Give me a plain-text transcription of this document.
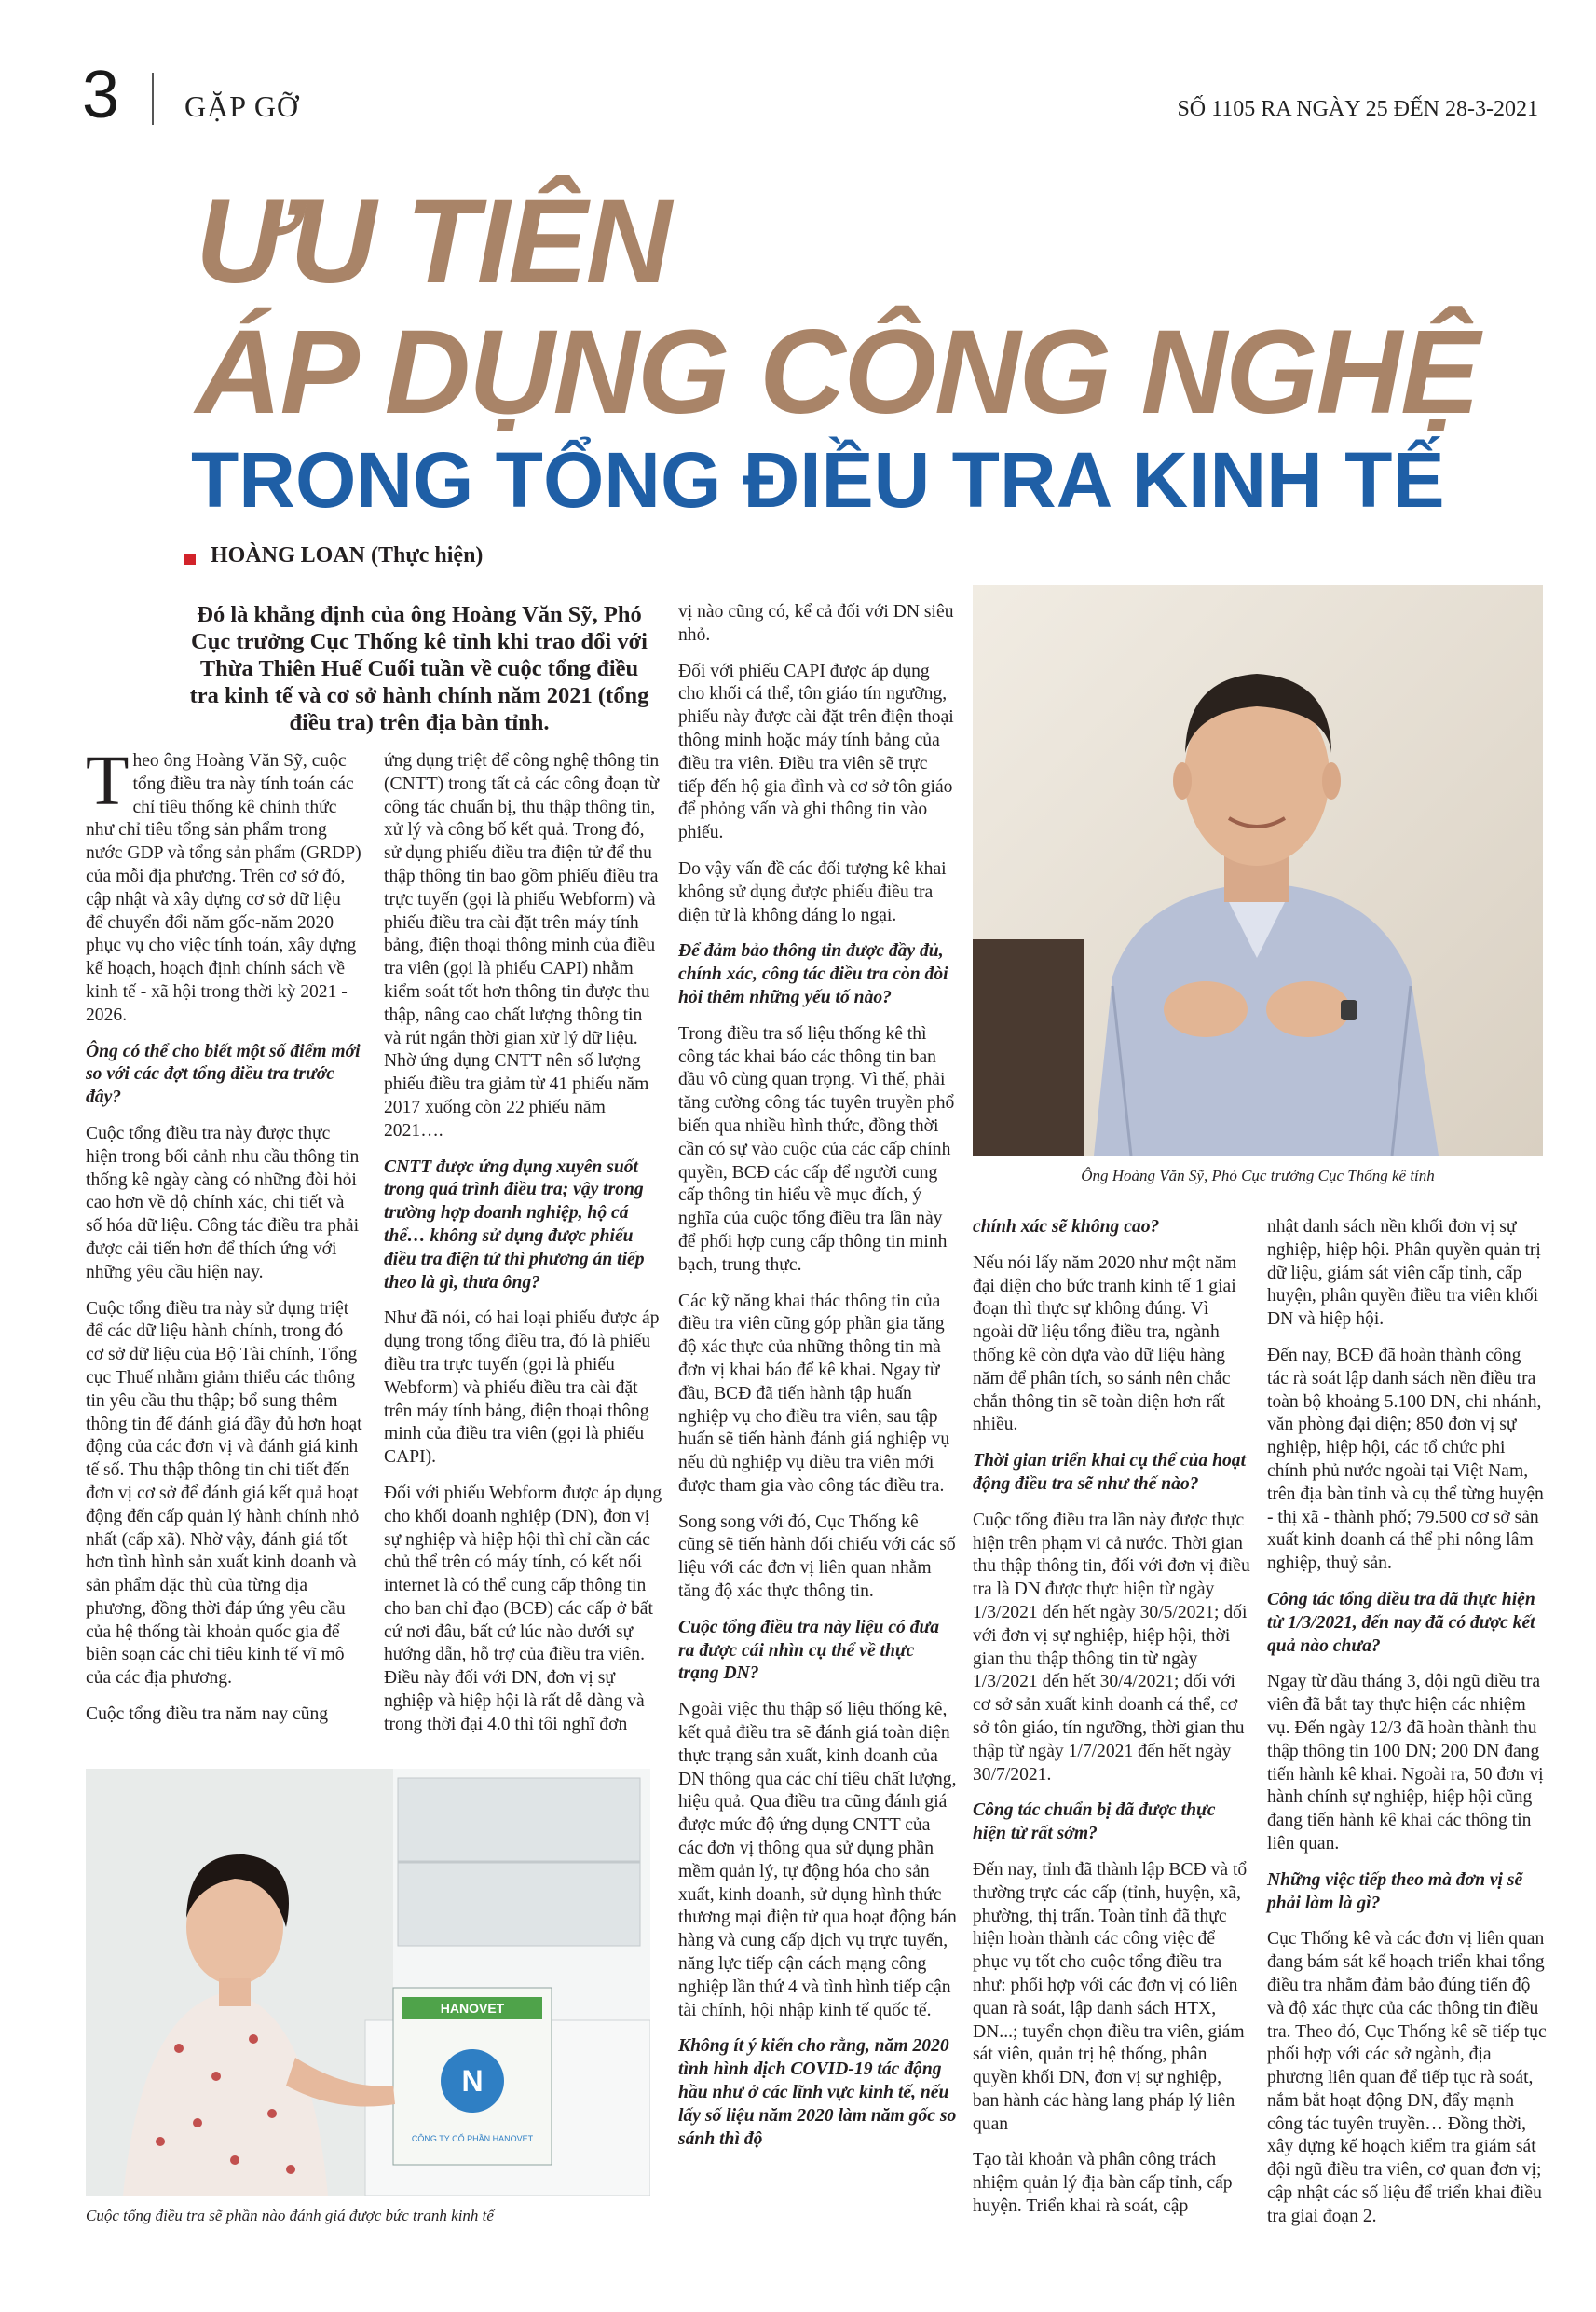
3 GẶP GỠ	SỐ 1105 RA NGÀY 25 ĐẾN 28-3-2021
ƯU TIÊN
ÁP DỤNG CÔNG NGHỆ
TRONG TỔNG ĐIỀU TRA KINH TẾ
HOÀNG LOAN (Thực hiện)
Đó là khẳng định của ông Hoàng Văn Sỹ, Phó Cục trưởng Cục Thống kê tỉnh khi trao đổi với Thừa Thiên Huế Cuối tuần về cuộc tổng điều tra kinh tế và cơ sở hành chính năm 2021 (tổng điều tra) trên địa bàn tỉnh.

Theo ông Hoàng Văn Sỹ, cuộc tổng điều tra này tính toán các chỉ tiêu thống kê chính thức như chỉ tiêu tổng sản phẩm trong nước GDP và tổng sản phẩm (GRDP) của mỗi địa phương. Trên cơ sở đó, cập nhật và xây dựng cơ sở dữ liệu để chuyển đổi năm gốc-năm 2020 phục vụ cho việc tính toán, xây dựng kế hoạch, hoạch định chính sách về kinh tế - xã hội trong thời kỳ 2021 - 2026.

Ông có thể cho biết một số điểm mới so với các đợt tổng điều tra trước đây?

Cuộc tổng điều tra này được thực hiện trong bối cảnh nhu cầu thông tin thống kê ngày càng có những đòi hỏi cao hơn về độ chính xác, chi tiết và số hóa dữ liệu. Công tác điều tra phải được cải tiến hơn để thích ứng với những yêu cầu hiện nay.

Cuộc tổng điều tra này sử dụng triệt để các dữ liệu hành chính, trong đó cơ sở dữ liệu của Bộ Tài chính, Tổng cục Thuế nhằm giảm thiểu các thông tin yêu cầu thu thập; bổ sung thêm thông tin để đánh giá đầy đủ hơn hoạt động của các đơn vị và đánh giá kinh tế số. Thu thập thông tin chi tiết đến đơn vị cơ sở để đánh giá kết quả hoạt động đến cấp quản lý hành chính nhỏ nhất (cấp xã). Nhờ vậy, đánh giá tốt hơn tình hình sản xuất kinh doanh và sản phẩm đặc thù của từng địa phương, đồng thời đáp ứng yêu cầu của hệ thống tài khoản quốc gia để biên soạn các chỉ tiêu kinh tế vĩ mô của các địa phương.

Cuộc tổng điều tra năm nay cũng

ứng dụng triệt để công nghệ thông tin (CNTT) trong tất cả các công đoạn từ công tác chuẩn bị, thu thập thông tin, xử lý và công bố kết quả. Trong đó, sử dụng phiếu điều tra điện tử để thu thập thông tin bao gồm phiếu điều tra trực tuyến (gọi là phiếu Webform) và phiếu điều tra cài đặt trên máy tính bảng, điện thoại thông minh của điều tra viên (gọi là phiếu CAPI) nhằm kiểm soát tốt hơn thông tin được thu thập, nâng cao chất lượng thông tin và rút ngắn thời gian xử lý dữ liệu. Nhờ ứng dụng CNTT nên số lượng phiếu điều tra giảm từ 41 phiếu năm 2017 xuống còn 22 phiếu năm 2021….

CNTT được ứng dụng xuyên suốt trong quá trình điều tra; vậy trong trường hợp doanh nghiệp, hộ cá thể… không sử dụng được phiếu điều tra điện tử thì phương án tiếp theo là gì, thưa ông?

Như đã nói, có hai loại phiếu được áp dụng trong tổng điều tra, đó là phiếu điều tra trực tuyến (gọi là phiếu Webform) và phiếu điều tra cài đặt trên máy tính bảng, điện thoại thông minh của điều tra viên (gọi là phiếu CAPI).

Đối với phiếu Webform được áp dụng cho khối doanh nghiệp (DN), đơn vị sự nghiệp và hiệp hội thì chỉ cần các chủ thể trên có máy tính, có kết nối internet là có thể cung cấp thông tin cho ban chỉ đạo (BCĐ) các cấp ở bất cứ nơi đâu, bất cứ lúc nào dưới sự hướng dẫn, hỗ trợ của điều tra viên. Điều này đối với DN, đơn vị sự nghiệp và hiệp hội là rất dễ dàng và trong thời đại 4.0 thì tôi nghĩ đơn

vị nào cũng có, kể cả đối với DN siêu nhỏ.

Đối với phiếu CAPI được áp dụng cho khối cá thể, tôn giáo tín ngưỡng, phiếu này được cài đặt trên điện thoại thông minh hoặc máy tính bảng của điều tra viên. Điều tra viên sẽ trực tiếp đến hộ gia đình và cơ sở tôn giáo để phỏng vấn và ghi thông tin vào phiếu.

Do vậy vấn đề các đối tượng kê khai không sử dụng được phiếu điều tra điện tử là không đáng lo ngại.

Để đảm bảo thông tin được đầy đủ, chính xác, công tác điều tra còn đòi hỏi thêm những yếu tố nào?

Trong điều tra số liệu thống kê thì công tác khai báo các thông tin ban đầu vô cùng quan trọng. Vì thế, phải tăng cường công tác tuyên truyền phổ biến qua nhiều hình thức, đồng thời cần có sự vào cuộc của các cấp chính quyền, BCĐ các cấp để người cung cấp thông tin hiểu về mục đích, ý nghĩa của cuộc tổng điều tra lần này để phối hợp cung cấp thông tin minh bạch, trung thực.

Các kỹ năng khai thác thông tin của điều tra viên cũng góp phần gia tăng độ xác thực của những thông tin mà đơn vị khai báo để kê khai. Ngay từ đầu, BCĐ đã tiến hành tập huấn nghiệp vụ cho điều tra viên, sau tập huấn sẽ tiến hành đánh giá nghiệp vụ nếu đủ nghiệp vụ điều tra viên mới được tham gia vào công tác điều tra.

Song song với đó, Cục Thống kê cũng sẽ tiến hành đối chiếu với các số liệu với các đơn vị liên quan nhằm tăng độ xác thực thông tin.

Cuộc tổng điều tra này liệu có đưa ra được cái nhìn cụ thể về thực trạng DN?

Ngoài việc thu thập số liệu thống kê, kết quả điều tra sẽ đánh giá toàn diện thực trạng sản xuất, kinh doanh của DN thông qua các chỉ tiêu chất lượng, hiệu quả. Qua điều tra cũng đánh giá được mức độ ứng dụng CNTT của các đơn vị thông qua sử dụng phần mềm quản lý, tự động hóa cho sản xuất, kinh doanh, sử dụng hình thức thương mại điện tử qua hoạt động bán hàng và cung cấp dịch vụ trực tuyến, năng lực tiếp cận cách mạng công nghiệp lần thứ 4 và tình hình tiếp cận tài chính, hội nhập kinh tế quốc tế.

Không ít ý kiến cho rằng, năm 2020 tình hình dịch COVID-19 tác động hầu như ở các lĩnh vực kinh tế, nếu lấy số liệu năm 2020 làm năm gốc so sánh thì độ

Ông Hoàng Văn Sỹ, Phó Cục trưởng Cục Thống kê tỉnh

chính xác sẽ không cao?

Nếu nói lấy năm 2020 như một năm đại diện cho bức tranh kinh tế 1 giai đoạn thì thực sự không đúng. Vì ngoài dữ liệu tổng điều tra, ngành thống kê còn dựa vào dữ liệu hàng năm để phân tích, so sánh nên chắc chắn thông tin sẽ toàn diện hơn rất nhiều.

Thời gian triển khai cụ thể của hoạt động điều tra sẽ như thế nào?

Cuộc tổng điều tra lần này được thực hiện trên phạm vi cả nước. Thời gian thu thập thông tin, đối với đơn vị điều tra là DN được thực hiện từ ngày 1/3/2021 đến hết ngày 30/5/2021; đối với đơn vị sự nghiệp, hiệp hội, thời gian thu thập thông tin từ ngày 1/3/2021 đến hết 30/4/2021; đối với cơ sở sản xuất kinh doanh cá thể, cơ sở tôn giáo, tín ngưỡng, thời gian thu thập từ ngày 1/7/2021 đến hết ngày 30/7/2021.

Công tác chuẩn bị đã được thực hiện từ rất sớm?

Đến nay, tỉnh đã thành lập BCĐ và tổ thường trực các cấp (tỉnh, huyện, xã, phường, thị trấn. Toàn tỉnh đã thực hiện hoàn thành các công việc để phục vụ tốt cho cuộc tổng điều tra như: phối hợp với các đơn vị có liên quan rà soát, lập danh sách HTX, DN...; tuyển chọn điều tra viên, giám sát viên, quản trị hệ thống, phân quyền khối DN, đơn vị sự nghiệp, ban hành các hàng lang pháp lý liên quan

Tạo tài khoản và phân công trách nhiệm quản lý địa bàn cấp tỉnh, cấp huyện. Triển khai rà soát, cập

nhật danh sách nền khối đơn vị sự nghiệp, hiệp hội. Phân quyền quản trị dữ liệu, giám sát viên cấp tỉnh, cấp huyện, phân quyền điều tra viên khối DN và hiệp hội.

Đến nay, BCĐ đã hoàn thành công tác rà soát lập danh sách nền điều tra toàn bộ khoảng 5.100 DN, chi nhánh, văn phòng đại diện; 850 đơn vị sự nghiệp, hiệp hội, các tổ chức phi chính phủ nước ngoài tại Việt Nam, trên địa bàn tỉnh và cụ thể từng huyện - thị xã - thành phố; 79.500 cơ sở sản xuất kinh doanh cá thể phi nông lâm nghiệp, thuỷ sản.

Công tác tổng điều tra đã thực hiện từ 1/3/2021, đến nay đã có được kết quả nào chưa?

Ngay từ đầu tháng 3, đội ngũ điều tra viên đã bắt tay thực hiện các nhiệm vụ. Đến ngày 12/3 đã hoàn thành thu thập thông tin 100 DN; 200 DN đang tiến hành kê khai. Ngoài ra, 50 đơn vị hành chính sự nghiệp, hiệp hội cũng đang tiến hành kê khai các thông tin liên quan.

Những việc tiếp theo mà đơn vị sẽ phải làm là gì?

Cục Thống kê và các đơn vị liên quan đang bám sát kế hoạch triển khai tổng điều tra nhằm đảm bảo đúng tiến độ và độ xác thực của các thông tin điều tra. Theo đó, Cục Thống kê sẽ tiếp tục phối hợp với các sở ngành, địa phương liên quan để tiếp tục rà soát, nắm bắt hoạt động DN, đẩy mạnh công tác tuyên truyền… Đồng thời, xây dựng kế hoạch kiểm tra giám sát đội ngũ điều tra viên, cơ quan đơn vị; cập nhật các số liệu để triển khai điều tra giai đoạn 2.

HANOVET
N
CÔNG TY CỔ PHẦN HANOVET
Cuộc tổng điều tra sẽ phần nào đánh giá được bức tranh kinh tế
